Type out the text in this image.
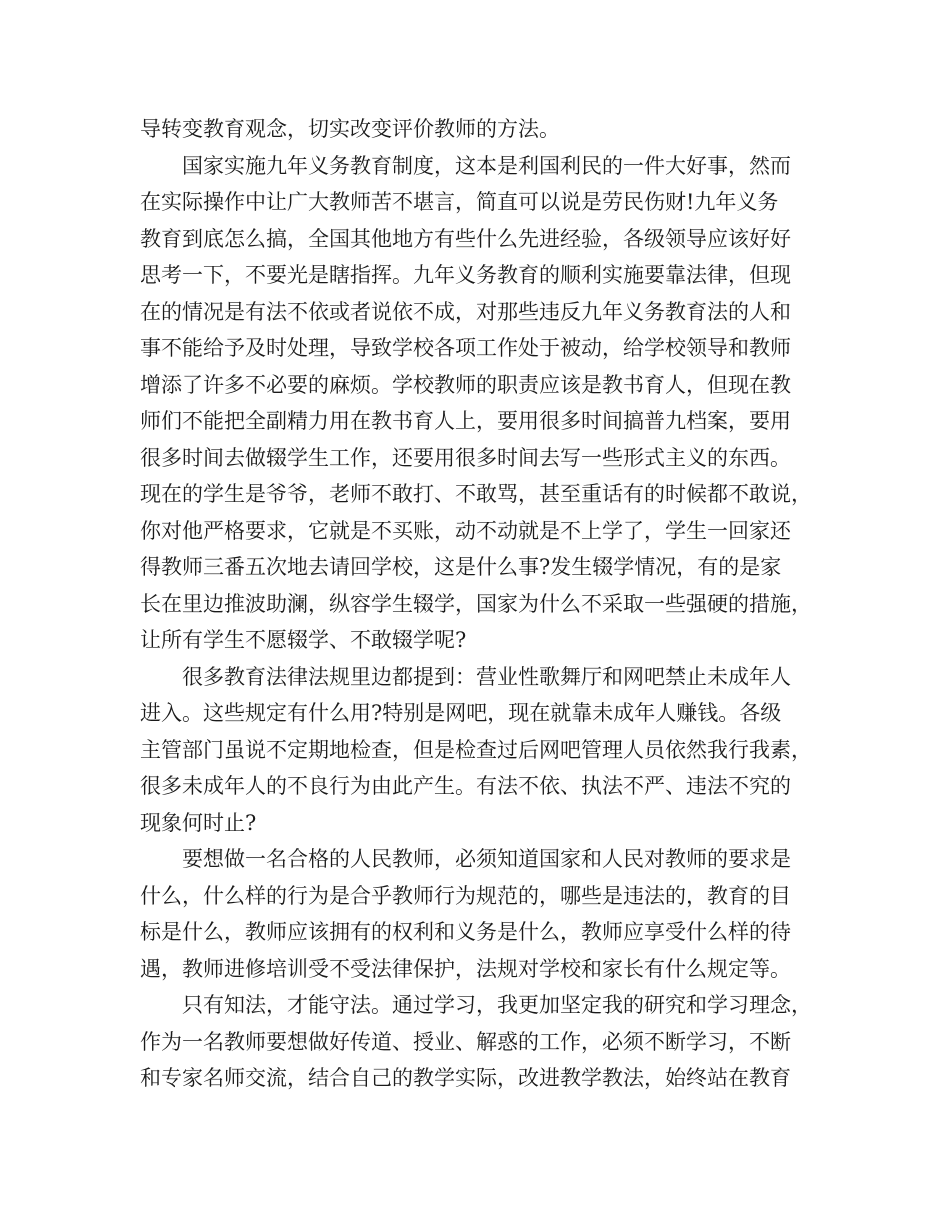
导转变教育观念，切实改变评价教师的方法。
国家实施九年义务教育制度，这本是利国利民的一件大好事，然而
在实际操作中让广大教师苦不堪言，简直可以说是劳民伤财!九年义务
教育到底怎么搞，全国其他地方有些什么先进经验，各级领导应该好好
思考一下，不要光是瞎指挥。九年义务教育的顺利实施要靠法律，但现
在的情况是有法不依或者说依不成，对那些违反九年义务教育法的人和
事不能给予及时处理，导致学校各项工作处于被动，给学校领导和教师
增添了许多不必要的麻烦。学校教师的职责应该是教书育人，但现在教
师们不能把全副精力用在教书育人上，要用很多时间搞普九档案，要用
很多时间去做辍学生工作，还要用很多时间去写一些形式主义的东西。
现在的学生是爷爷，老师不敢打、不敢骂，甚至重话有的时候都不敢说，
你对他严格要求，它就是不买账，动不动就是不上学了，学生一回家还
得教师三番五次地去请回学校，这是什么事?发生辍学情况，有的是家
长在里边推波助澜，纵容学生辍学，国家为什么不采取一些强硬的措施，
让所有学生不愿辍学、不敢辍学呢?
很多教育法律法规里边都提到：营业性歌舞厅和网吧禁止未成年人
进入。这些规定有什么用?特别是网吧，现在就靠未成年人赚钱。各级
主管部门虽说不定期地检查，但是检查过后网吧管理人员依然我行我素，
很多未成年人的不良行为由此产生。有法不依、执法不严、违法不究的
现象何时止?
要想做一名合格的人民教师，必须知道国家和人民对教师的要求是
什么，什么样的行为是合乎教师行为规范的，哪些是违法的，教育的目
标是什么，教师应该拥有的权利和义务是什么，教师应享受什么样的待
遇，教师进修培训受不受法律保护，法规对学校和家长有什么规定等。
只有知法，才能守法。通过学习，我更加坚定我的研究和学习理念，
作为一名教师要想做好传道、授业、解惑的工作，必须不断学习，不断
和专家名师交流，结合自己的教学实际，改进教学教法，始终站在教育
